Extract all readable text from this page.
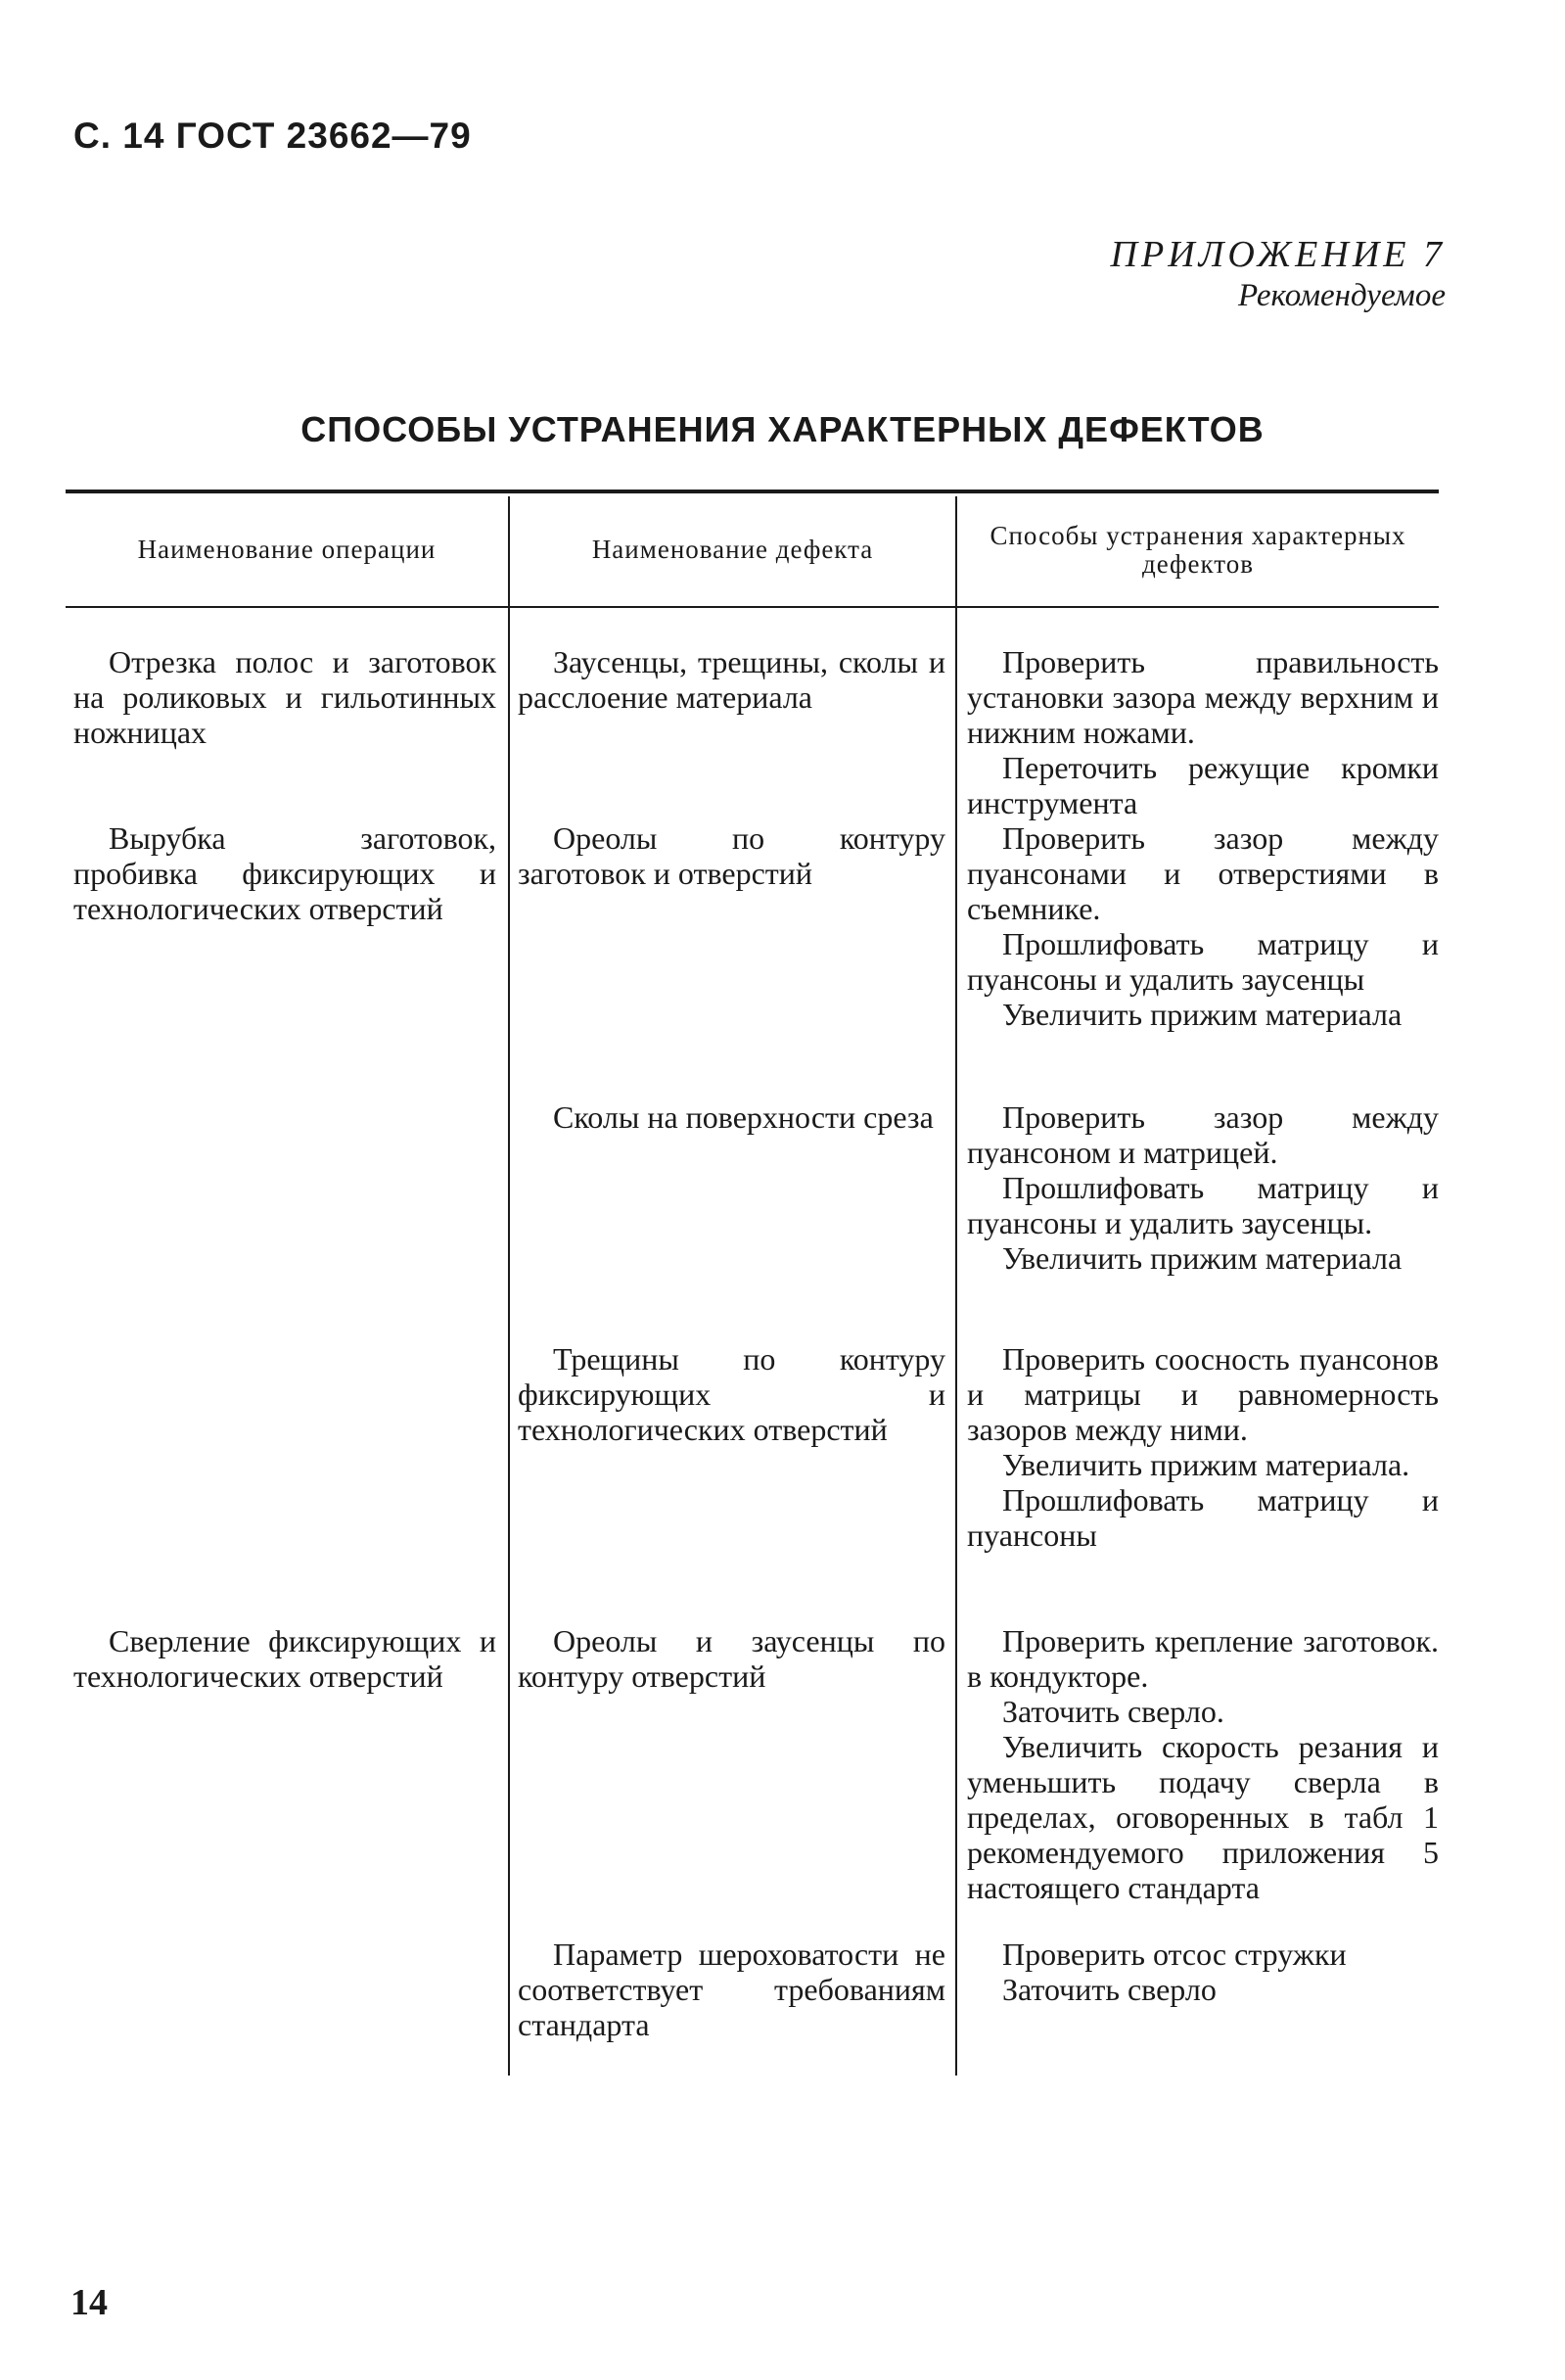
С. 14 ГОСТ 23662—79
ПРИЛОЖЕНИЕ 7
Рекомендуемое
СПОСОБЫ УСТРАНЕНИЯ ХАРАКТЕРНЫХ ДЕФЕКТОВ
Наименование операции	Наименование дефекта	Способы устранения характерных дефектов

Отрезка полос и заготовок на роликовых и гильотинных ножницах

Вырубка заготовок, пробивка фиксирующих и технологических отверстий

Сверление фиксирующих и технологических отверстий

Заусенцы, трещины, сколы и расслоение материала

Ореолы по контуру заготовок и отверстий

Сколы на поверхности среза

Трещины по контуру фиксирующих и технологических отверстий

Ореолы и заусенцы по контуру отверстий

Параметр шероховатости не соответствует требованиям стандарта

Проверить правильность установки зазора между верхним и нижним ножами.

Переточить режущие кромки инструмента

Проверить зазор между пуансонами и отверстиями в съемнике.

Прошлифовать матрицу и пуансоны и удалить заусенцы

Увеличить прижим материала

Проверить зазор между пуансоном и матрицей.

Прошлифовать матрицу и пуансоны и удалить заусенцы.

Увеличить прижим материала

Проверить соосность пуансонов и матрицы и равномерность зазоров между ними.

Увеличить прижим материала.

Прошлифовать матрицу и пуансоны

Проверить крепление заготовок. в кондукторе.

Заточить сверло.

Увеличить скорость резания и уменьшить подачу сверла в пределах, оговоренных в табл 1 рекомендуемого приложения 5 настоящего стандарта

Проверить отсос стружки

Заточить сверло

14
